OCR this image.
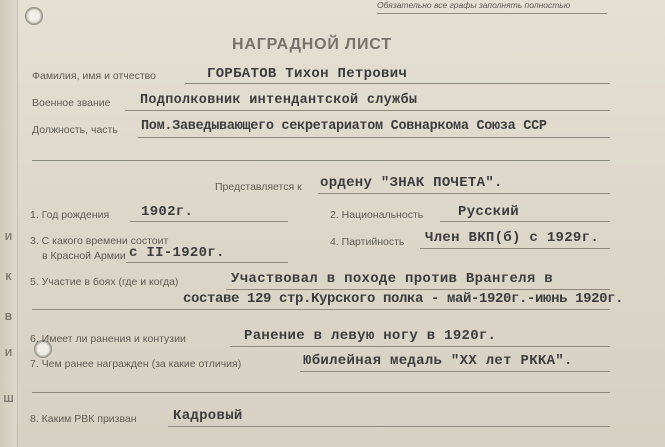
И
К
В
И
Ш
Обязательно все графы заполнять полностью
НАГРАДНОЙ ЛИСТ
Фамилия, имя и отчество	ГОРБАТОВ Тихон Петрович
Военное звание Подполковник интендантской службы
Должность, часть Пом.Заведывающего секретариатом Совнаркома Союза ССР
Представляется к ордену "ЗНАК ПОЧЕТА".
1. Год рождения 1902г.	2. Национальность Русский
3. С какого времени состоит
в Красной Армии с II-1920г.
4. Партийность Член ВКП(б) с 1929г.
5. Участие в боях (где и когда)	Участвовал в походе против Врангеля в
составе 129 стр.Курского полка - май-1920г.-июнь 1920г.
6. Имеет ли ранения и контузии	Ранение в левую ногу в 1920г.
7. Чем ранее награжден (за какие отличия)	Юбилейная медаль "XX лет РККА".
8. Каким РВК призван	Кадровый
